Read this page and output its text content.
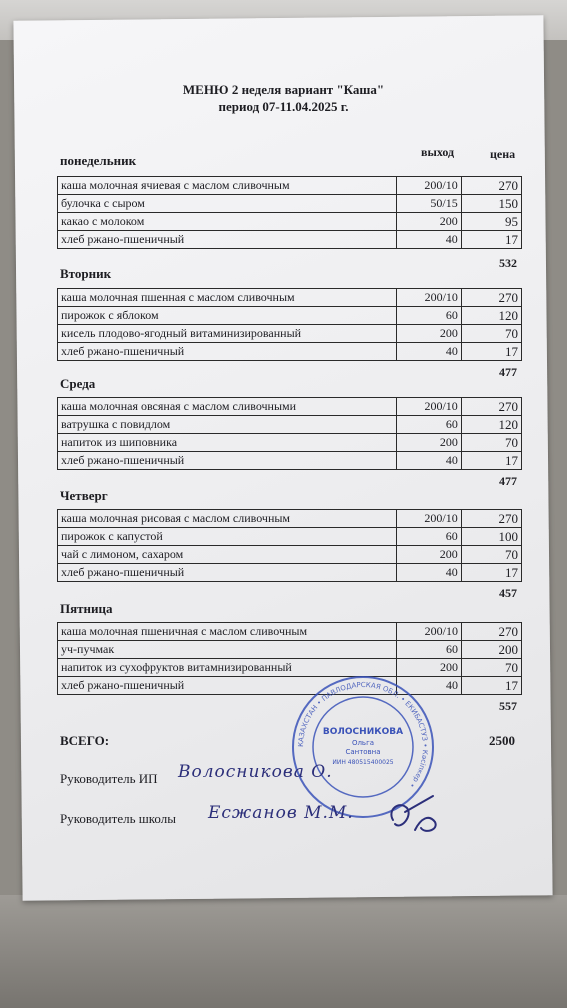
МЕНЮ 2 неделя вариант "Каша"
период 07-11.04.2025 г.
выход	цена
понедельник
каша молочная ячиевая с маслом сливочным	200/10	270
булочка с сыром	50/15	150
какао с молоком	200	95
хлеб ржано-пшеничный	40	17
532
Вторник
каша молочная пшенная с маслом сливочным	200/10	270
пирожок с яблоком	60	120
кисель плодово-ягодный витаминизированный	200	70
хлеб ржано-пшеничный	40	17
477
Среда
каша молочная овсяная с маслом сливочными	200/10	270
ватрушка с повидлом	60	120
напиток из шиповника	200	70
хлеб ржано-пшеничный	40	17
477
Четверг
каша молочная рисовая с маслом сливочным	200/10	270
пирожок с капустой	60	100
чай с лимоном, сахаром	200	70
хлеб ржано-пшеничный	40	17
457
Пятница
каша молочная пшеничная с маслом сливочным	200/10	270
уч-пучмак	60	200
напиток из сухофруктов витамнизированный	200	70
хлеб ржано-пшеничный	40	17
557
ВСЕГО:	2500
КАЗАХСТАН • ПАВЛОДАРСКАЯ ОБЛ. • ЕКИБАСТУЗ • Кәсіпкер •
ВОЛОСНИКОВА
Ольга
Сантовна
ИИН 480515400025
Руководитель ИП Волосникова О.
Руководитель школы Есжанов М.М.
